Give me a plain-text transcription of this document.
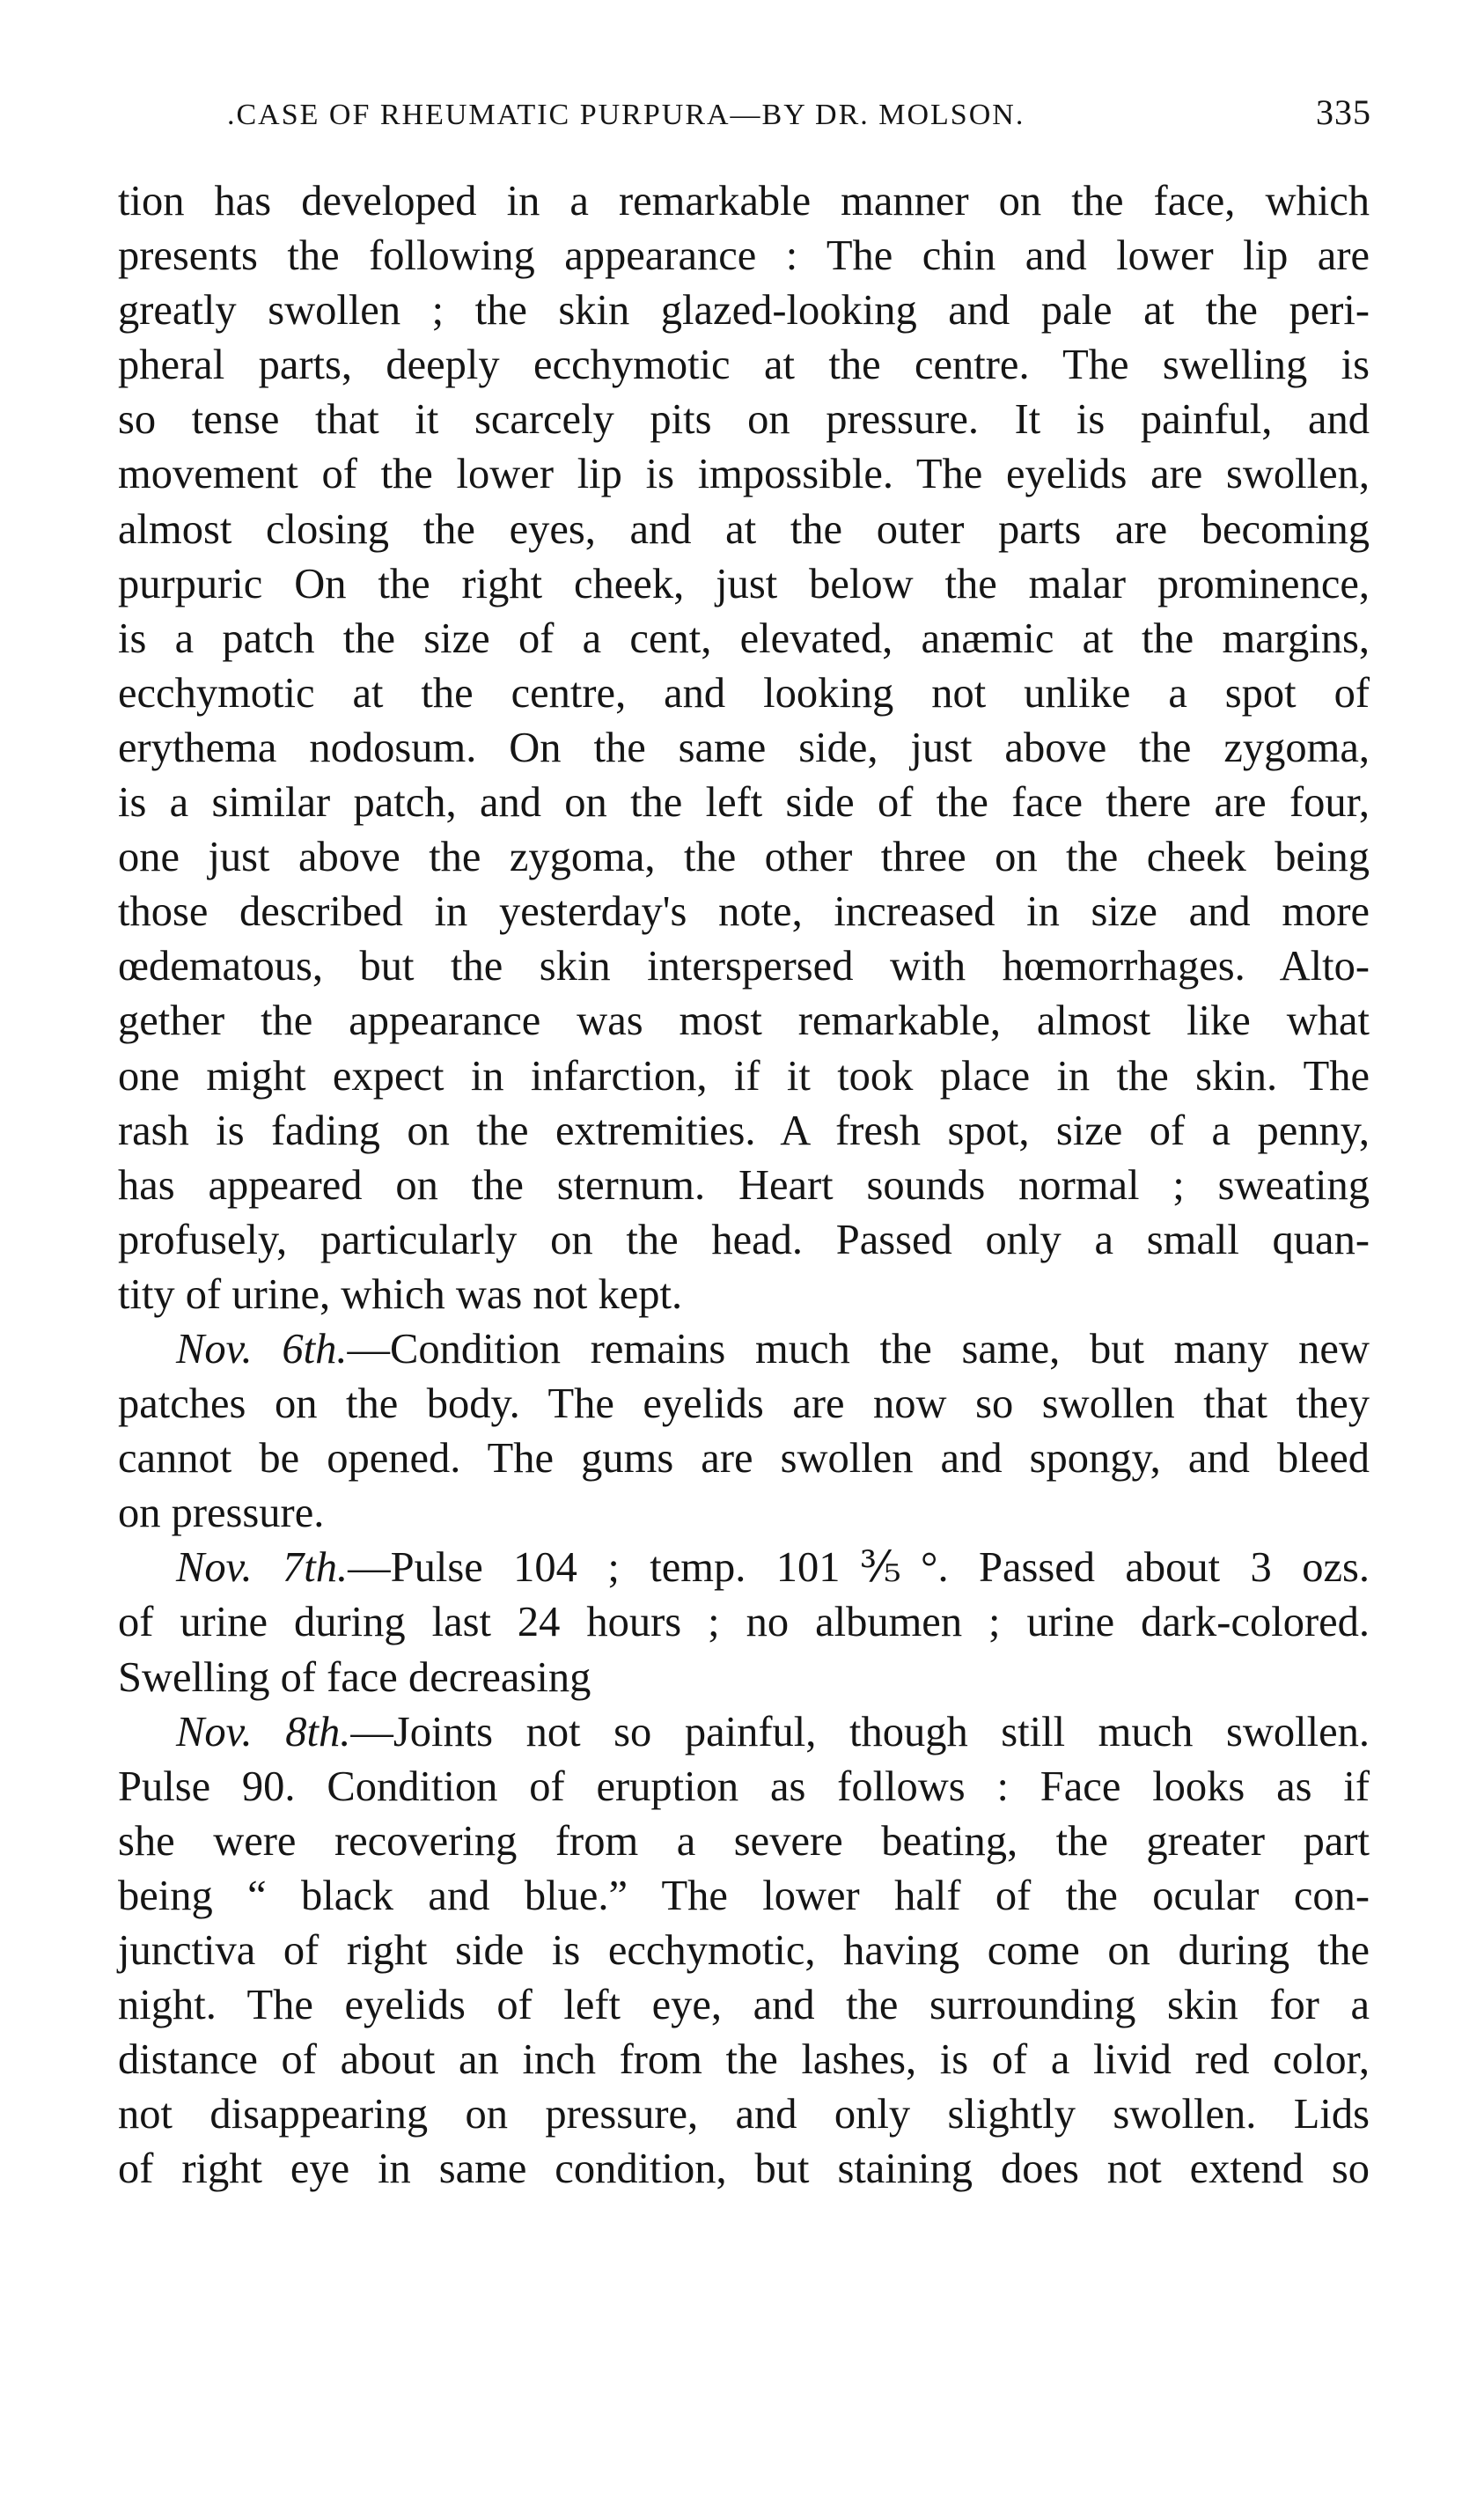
.CASE OF RHEUMATIC PURPURA—BY DR. MOLSON.	335
tion has developed in a remarkable manner on the face, which
presents the following appearance : The chin and lower lip are
greatly swollen ; the skin glazed-looking and pale at the peri-
pheral parts, deeply ecchymotic at the centre. The swelling is
so tense that it scarcely pits on pressure. It is painful, and
movement of the lower lip is impossible. The eyelids are swollen,
almost closing the eyes, and at the outer parts are becoming
purpuric On the right cheek, just below the malar prominence,
is a patch the size of a cent, elevated, anæmic at the margins,
ecchymotic at the centre, and looking not unlike a spot of
erythema nodosum. On the same side, just above the zygoma,
is a similar patch, and on the left side of the face there are four,
one just above the zygoma, the other three on the cheek being
those described in yesterday's note, increased in size and more
œdematous, but the skin interspersed with hœmorrhages. Alto-
gether the appearance was most remarkable, almost like what
one might expect in infarction, if it took place in the skin. The
rash is fading on the extremities. A fresh spot, size of a penny,
has appeared on the sternum. Heart sounds normal ; sweating
profusely, particularly on the head. Passed only a small quan-
tity of urine, which was not kept.
Nov. 6th.—Condition remains much the same, but many new
patches on the body. The eyelids are now so swollen that they
cannot be opened. The gums are swollen and spongy, and bleed
on pressure.
Nov. 7th.—Pulse 104 ; temp. 101⅗°. Passed about 3 ozs.
of urine during last 24 hours ; no albumen ; urine dark-colored.
Swelling of face decreasing
Nov. 8th.—Joints not so painful, though still much swollen.
Pulse 90. Condition of eruption as follows : Face looks as if
she were recovering from a severe beating, the greater part
being “ black and blue.” The lower half of the ocular con-
junctiva of right side is ecchymotic, having come on during the
night. The eyelids of left eye, and the surrounding skin for a
distance of about an inch from the lashes, is of a livid red color,
not disappearing on pressure, and only slightly swollen. Lids
of right eye in same condition, but staining does not extend so
